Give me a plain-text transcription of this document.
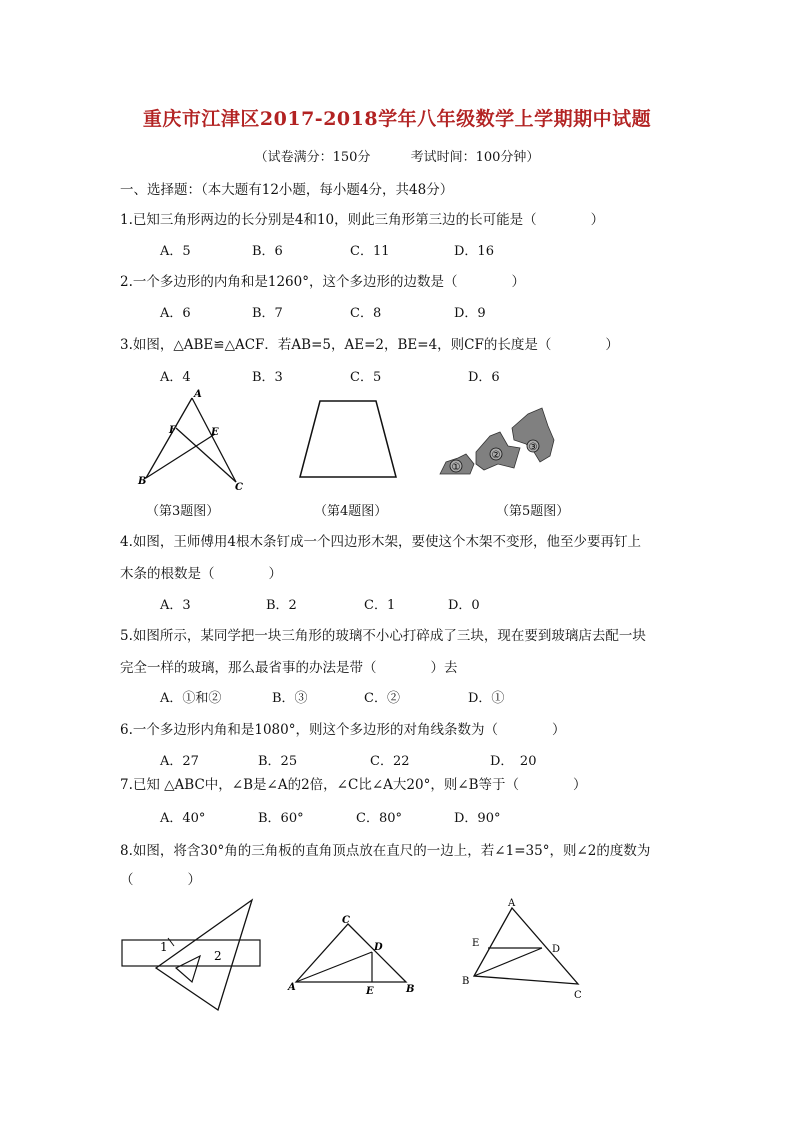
重庆市江津区2017-2018学年八年级数学上学期期中试题
（试卷满分：150分	考试时间：100分钟）
一、选择题：（本大题有12小题，每小题4分，共48分）
1.已知三角形两边的长分别是4和10，则此三角形第三边的长可能是（　　　　）
A．5	B．6	C．11	D．16
2.一个多边形的内角和是1260°，这个多边形的边数是（　　　　）
A．6	B．7	C．8	D．9
3.如图，△ABE≌△ACF．若AB=5，AE=2，BE=4，则CF的长度是（　　　　）
A．4	B．3	C．5	D．6
A
B
C
E
F
①
②
③
（第3题图）	（第4题图）	（第5题图）
4.如图，王师傅用4根木条钉成一个四边形木架，要使这个木架不变形，他至少要再钉上
木条的根数是（　　　　）
A．3	B．2	C．1	D．0
5.如图所示，某同学把一块三角形的玻璃不小心打碎成了三块，现在要到玻璃店去配一块
完全一样的玻璃，那么最省事的办法是带（　　　　）去
A．①和②	B．③	C．②	D．①
6.一个多边形内角和是1080°，则这个多边形的对角线条数为（　　　　）
A．27	B．25	C．22	D．　20
7.已知 △ABC中，∠B是∠A的2倍，∠C比∠A大20°，则∠B等于（　　　　）
A．40°	B．60°	C．80°	D．90°
8.如图，将含30°角的三角板的直角顶点放在直尺的一边上，若∠1=35°，则∠2的度数为
（　　　　）
1
2
C
A	B
D
E
A
B
C
D
E
